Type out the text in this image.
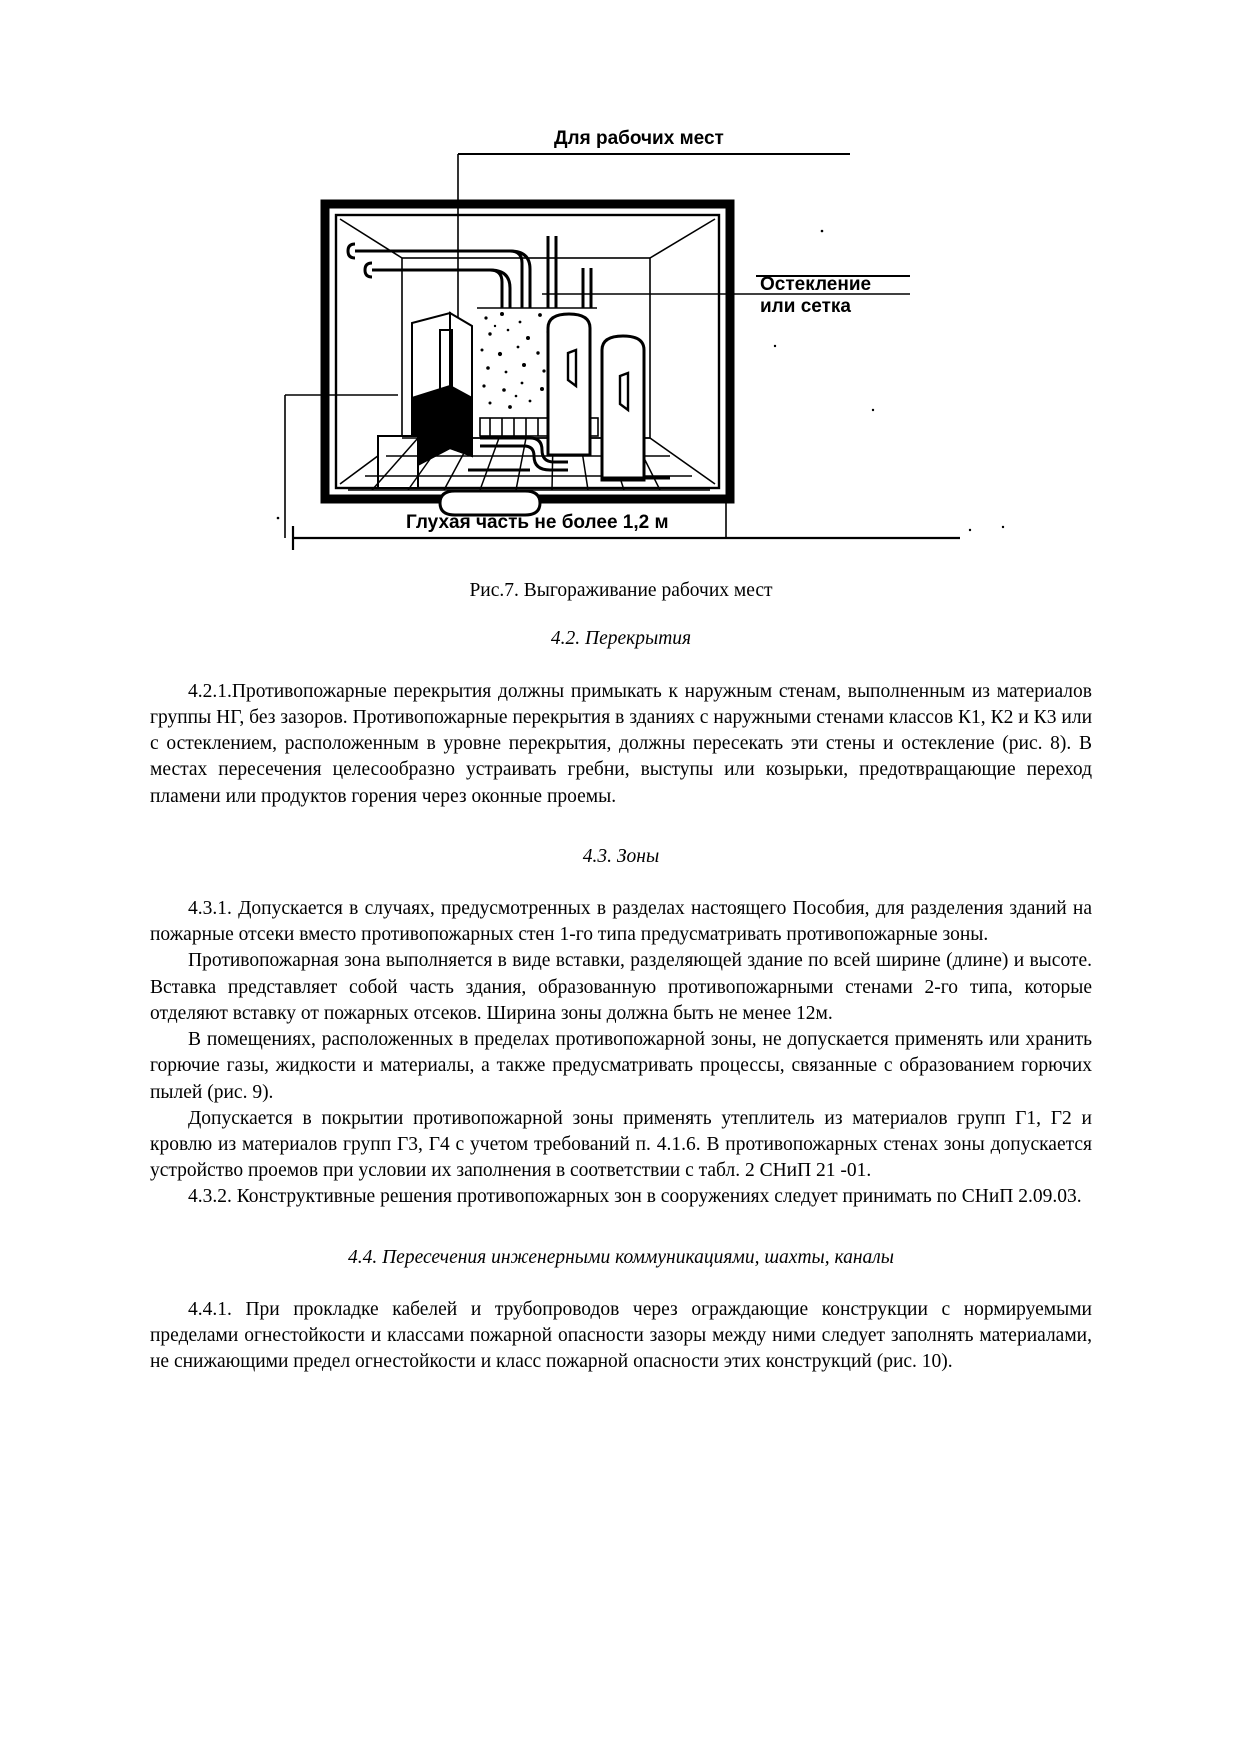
Для рабочих мест
Остекление
или сетка
Глухая часть не более 1,2 м
Рис.7. Выгораживание рабочих мест
4.2. Перекрытия

4.2.1.Противопожарные перекрытия должны примыкать к наружным стенам, выполненным из материалов группы НГ, без зазоров. Противопожарные перекрытия в зданиях с наружными стенами классов К1, К2 и К3 или с остеклением, расположенным в уровне перекрытия, должны пересекать эти стены и остекление (рис. 8). В местах пересечения целесообразно устраивать гребни, выступы или козырьки, предотвращающие переход пламени или продуктов горения через оконные проемы.

4.3. Зоны

4.3.1. Допускается в случаях, предусмотренных в разделах настоящего Пособия, для разделения зданий на пожарные отсеки вместо противопожарных стен 1-го типа предусматривать противопожарные зоны.

Противопожарная зона выполняется в виде вставки, разделяющей здание по всей ширине (длине) и высоте. Вставка представляет собой часть здания, образованную противопожарными стенами 2-го типа, которые отделяют вставку от пожарных отсеков. Ширина зоны должна быть не менее 12м.

В помещениях, расположенных в пределах противопожарной зоны, не допускается применять или хранить горючие газы, жидкости и материалы, а также предусматривать процессы, связанные с образованием горючих пылей (рис. 9).

Допускается в покрытии противопожарной зоны применять утеплитель из материалов групп Г1, Г2 и кровлю из материалов групп Г3, Г4 с учетом требований п. 4.1.6. В противопожарных стенах зоны допускается устройство проемов при условии их заполнения в соответствии с табл. 2 СНиП 21 -01.

4.3.2. Конструктивные решения противопожарных зон в сооружениях следует принимать по СНиП 2.09.03.

4.4. Пересечения инженерными коммуникациями, шахты, каналы

4.4.1. При прокладке кабелей и трубопроводов через ограждающие конструкции с нормируемыми пределами огнестойкости и классами пожарной опасности зазоры между ними следует заполнять материалами, не снижающими предел огнестойкости и класс пожарной опасности этих конструкций (рис. 10).
